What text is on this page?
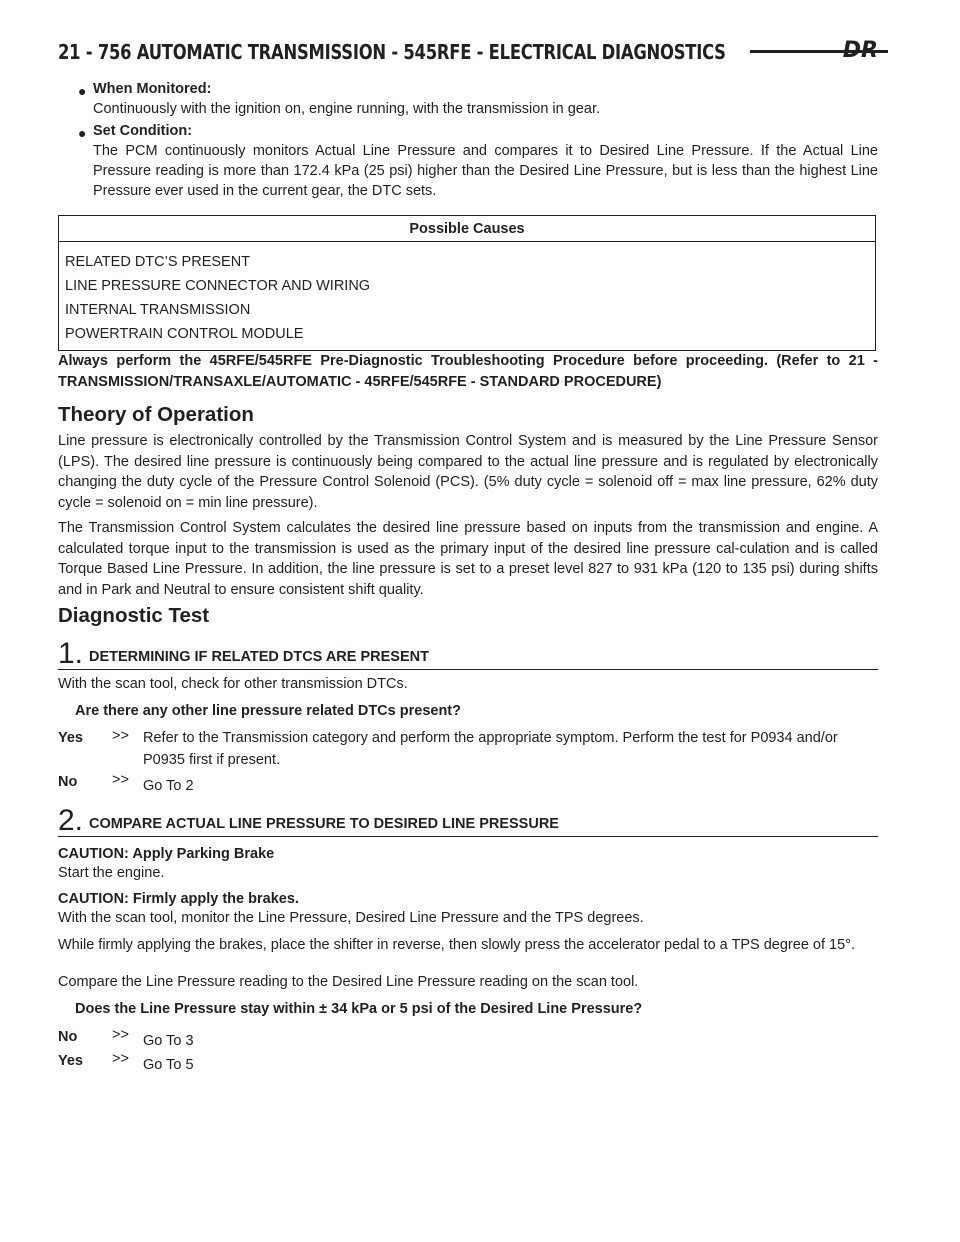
21 - 756 AUTOMATIC TRANSMISSION - 545RFE - ELECTRICAL DIAGNOSTICS	DR
● When Monitored:
Continuously with the ignition on, engine running, with the transmission in gear.
● Set Condition:
The PCM continuously monitors Actual Line Pressure and compares it to Desired Line Pressure. If the Actual Line Pressure reading is more than 172.4 kPa (25 psi) higher than the Desired Line Pressure, but is less than the highest Line Pressure ever used in the current gear, the DTC sets.
Possible Causes
RELATED DTC’S PRESENT
LINE PRESSURE CONNECTOR AND WIRING
INTERNAL TRANSMISSION
POWERTRAIN CONTROL MODULE
Always perform the 45RFE/545RFE Pre-Diagnostic Troubleshooting Procedure before proceeding. (Refer to 21 - TRANSMISSION/TRANSAXLE/AUTOMATIC - 45RFE/545RFE - STANDARD PROCEDURE)
Theory of Operation
Line pressure is electronically controlled by the Transmission Control System and is measured by the Line Pressure Sensor (LPS). The desired line pressure is continuously being compared to the actual line pressure and is regulated by electronically changing the duty cycle of the Pressure Control Solenoid (PCS). (5% duty cycle = solenoid off = max line pressure, 62% duty cycle = solenoid on = min line pressure).
The Transmission Control System calculates the desired line pressure based on inputs from the transmission and engine. A calculated torque input to the transmission is used as the primary input of the desired line pressure cal-culation and is called Torque Based Line Pressure. In addition, the line pressure is set to a preset level 827 to 931 kPa (120 to 135 psi) during shifts and in Park and Neutral to ensure consistent shift quality.
Diagnostic Test
1. DETERMINING IF RELATED DTCS ARE PRESENT
With the scan tool, check for other transmission DTCs.
Are there any other line pressure related DTCs present?
Yes >> Refer to the Transmission category and perform the appropriate symptom. Perform the test for P0934 and/or P0935 first if present.
No >> Go To 2
2. COMPARE ACTUAL LINE PRESSURE TO DESIRED LINE PRESSURE
CAUTION: Apply Parking Brake
Start the engine.
CAUTION: Firmly apply the brakes.
With the scan tool, monitor the Line Pressure, Desired Line Pressure and the TPS degrees.
While firmly applying the brakes, place the shifter in reverse, then slowly press the accelerator pedal to a TPS degree of 15°.
Compare the Line Pressure reading to the Desired Line Pressure reading on the scan tool.
Does the Line Pressure stay within ± 34 kPa or 5 psi of the Desired Line Pressure?
No >> Go To 3
Yes >> Go To 5
